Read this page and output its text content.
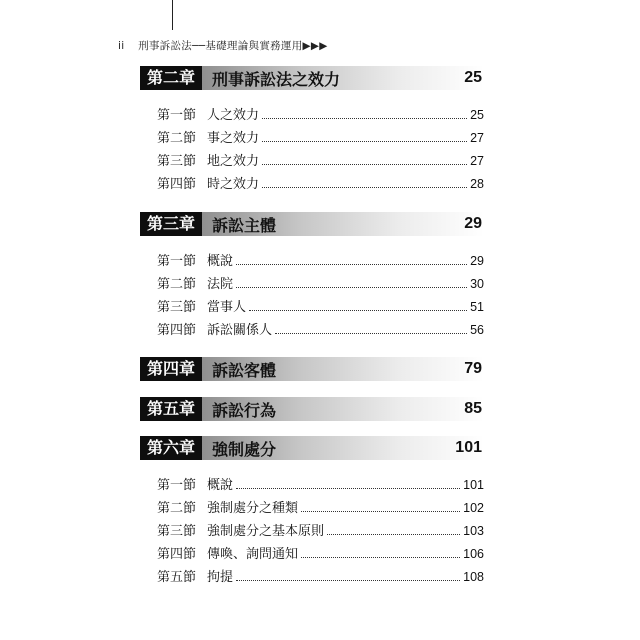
ii 刑事訴訟法──基礎理論與實務運用▶▶▶
第二章	刑事訴訟法之效力	25
第一節 人之效力	25
第二節 事之效力	27
第三節 地之效力	27
第四節 時之效力	28
第三章	訴訟主體	29
第一節 概說	29
第二節 法院	30
第三節 當事人	51
第四節 訴訟關係人	56
第四章	訴訟客體	79
第五章	訴訟行為	85
第六章	強制處分	101
第一節 概說	101
第二節 強制處分之種類	102
第三節 強制處分之基本原則	103
第四節 傳喚、詢問通知	106
第五節 拘提	108
